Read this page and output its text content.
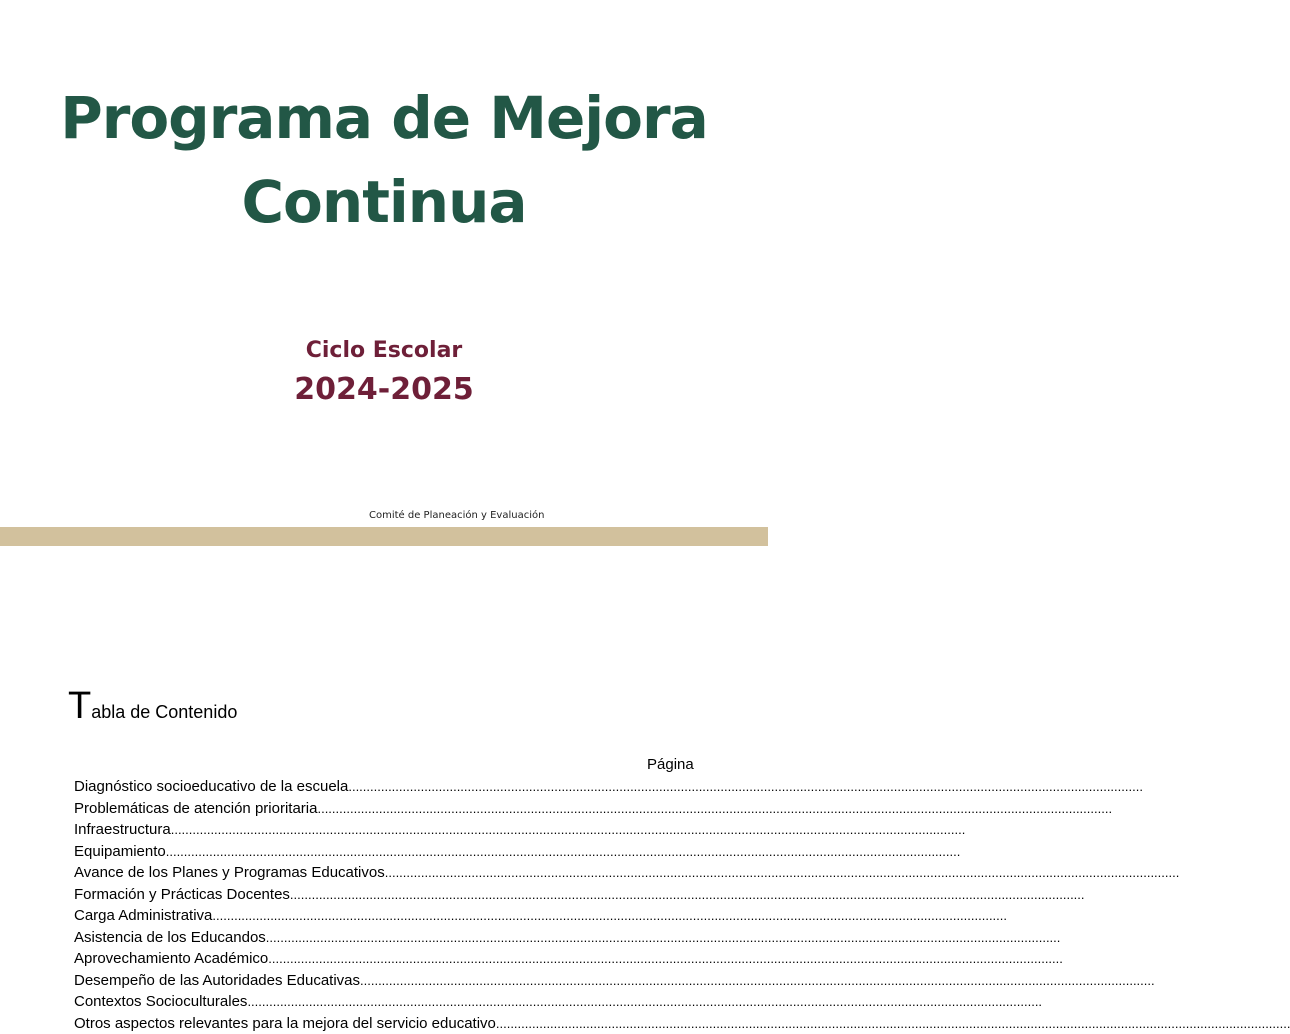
Programa de Mejora
Continua
Ciclo Escolar
2024-2025
Comité de Planeación y Evaluación
Tabla de Contenido
Página
Diagnóstico socioeducativo de la escuela ............................................................................................................................................................................................................................
Problemáticas de atención prioritaria ............................................................................................................................................................................................................................
Infraestructura ............................................................................................................................................................................................................................
Equipamiento ............................................................................................................................................................................................................................
Avance de los Planes y Programas Educativos ............................................................................................................................................................................................................................
Formación y Prácticas Docentes ............................................................................................................................................................................................................................
Carga Administrativa ............................................................................................................................................................................................................................
Asistencia de los Educandos ............................................................................................................................................................................................................................
Aprovechamiento Académico ............................................................................................................................................................................................................................
Desempeño de las Autoridades Educativas ............................................................................................................................................................................................................................
Contextos Socioculturales ............................................................................................................................................................................................................................
Otros aspectos relevantes para la mejora del servicio educativo ............................................................................................................................................................................................................................
